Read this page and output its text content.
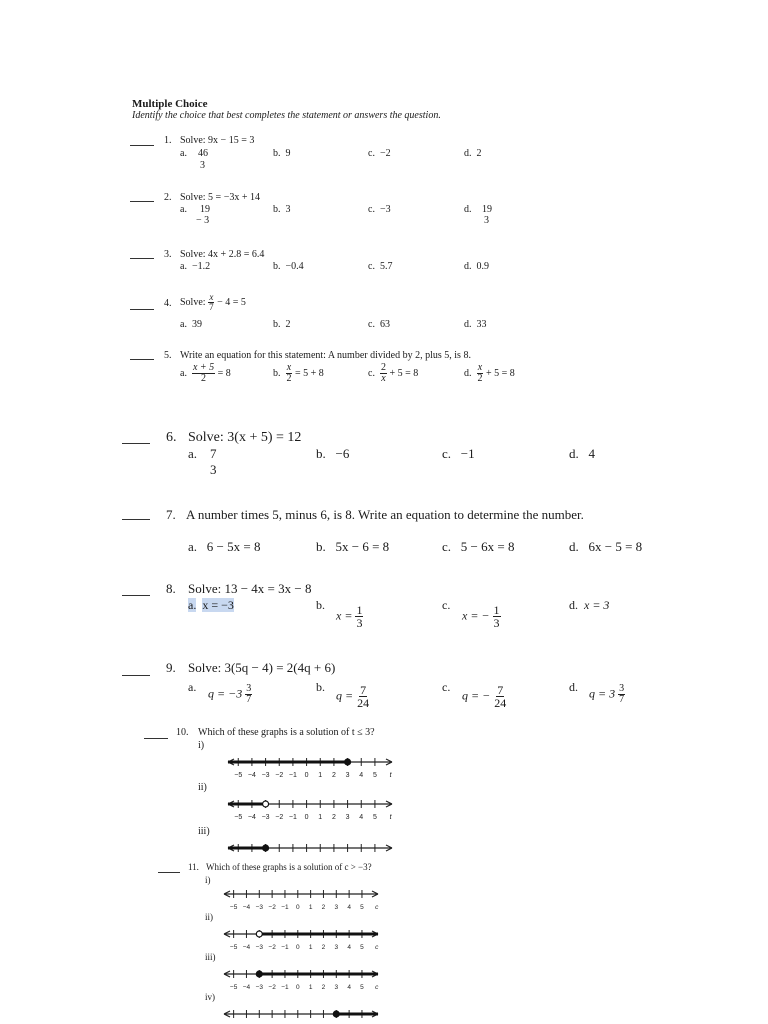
Multiple Choice
Identify the choice that best completes the statement or answers the question.
1. Solve: 9x − 15 = 3
a. 46
3
b. 9	c. −2	d. 2
2. Solve: 5 = −3x + 14
a. 19
− 3
b. 3	c. −3	d. 19
3
3. Solve: 4x + 2.8 = 6.4
a. −1.2	b. −0.4	c. 5.7	d. 0.9
4. Solve: $\frac{x}{7} - 4 = 5$
a. 39	b. 2	c. 63	d. 33
5. Write an equation for this statement: A number divided by 2, plus 5, is 8.
a. $\frac{x + 5}{2} = 8$	b. $\frac{x}{2} = 5 + 8$	c. $\frac{2}{x} + 5 = 8$	d. $\frac{x}{2} + 5 = 8$
6. Solve: 3(x + 5) = 12
a. 7
3
b. −6	c. −1	d. 4
7. A number times 5, minus 6, is 8. Write an equation to determine the number.
a. 6 − 5x = 8	b. 5x − 6 = 8	c. 5 − 6x = 8	d. 6x − 5 = 8
8. Solve: 13 − 4x = 3x − 8
a. x = −3	b.
$x = \frac{1}{3}$	c.
x = − $\frac{1}{3}$	d. x = 3
9. Solve: 3(5q − 4) = 2(4q + 6)
a. $q = -3 \frac{3}{7}$	b.
$q = \frac{7}{24}$	c.
q = − $\frac{7}{24}$	d. $q = 3 \frac{3}{7}$
10. Which of these graphs is a solution of t ≤ 3?
i)
ii)
iii)
11. Which of these graphs is a solution of c > −3?
i)
ii)
iii)
iv)
−5 −4 −3 −2 −1 0 1 2 3 4 5 t
−5 −4 −3 −2 −1 0 1 2 3 4 5 t
−5 −4 −3 −2 −1 0 1 2 3 4 5 c
−5 −4 −3 −2 −1 0 1 2 3 4 5 c
−5 −4 −3 −2 −1 0 1 2 3 4 5 c
